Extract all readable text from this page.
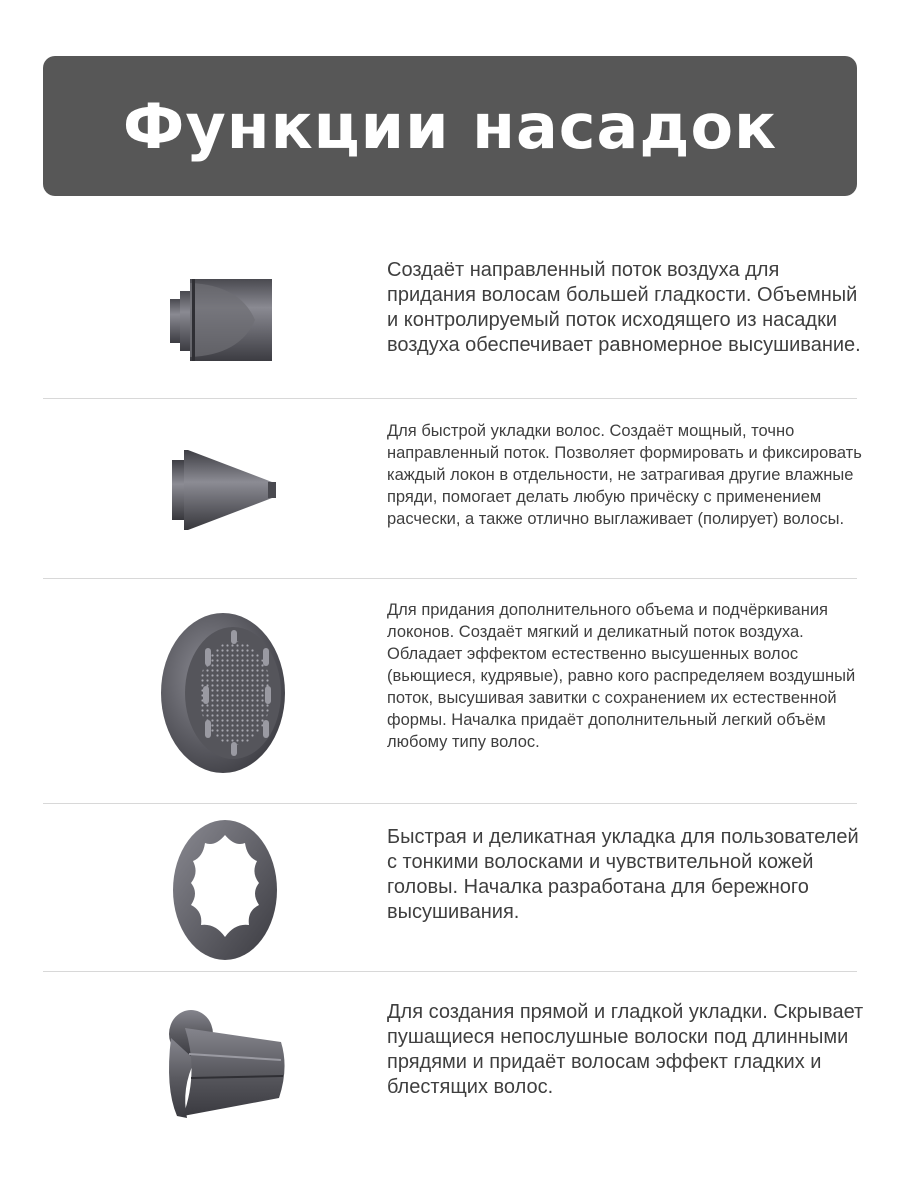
Функции насадок

Создаёт направленный поток воздуха для придания волосам большей гладкости. Объемный и контролируемый поток исходящего из насадки воздуха обеспечивает равномерное высушивание.

Для быстрой укладки волос. Создаёт мощный, точно направленный поток. Позволяет формировать и фиксировать каждый локон в отдельности, не затрагивая другие влажные пряди, помогает делать любую причёску с применением расчески, а также отлично выглаживает (полирует) волосы.

Для придания дополнительного объема и подчёркивания локонов. Создаёт мягкий и деликатный поток воздуха. Обладает эффектом естественно высушенных волос (вьющиеся, кудрявые), равно кого распределяем воздушный поток, высушивая завитки с сохранением их естественной формы. Началка придаёт дополнительный легкий объём любому типу волос.

Быстрая и деликатная укладка для пользователей с тонкими волосками и чувствительной кожей головы. Началка разработана для бережного высушивания.

Для создания прямой и гладкой укладки. Скрывает пушащиеся непослушные волоски под длинными прядями и придаёт волосам эффект гладких и блестящих волос.
